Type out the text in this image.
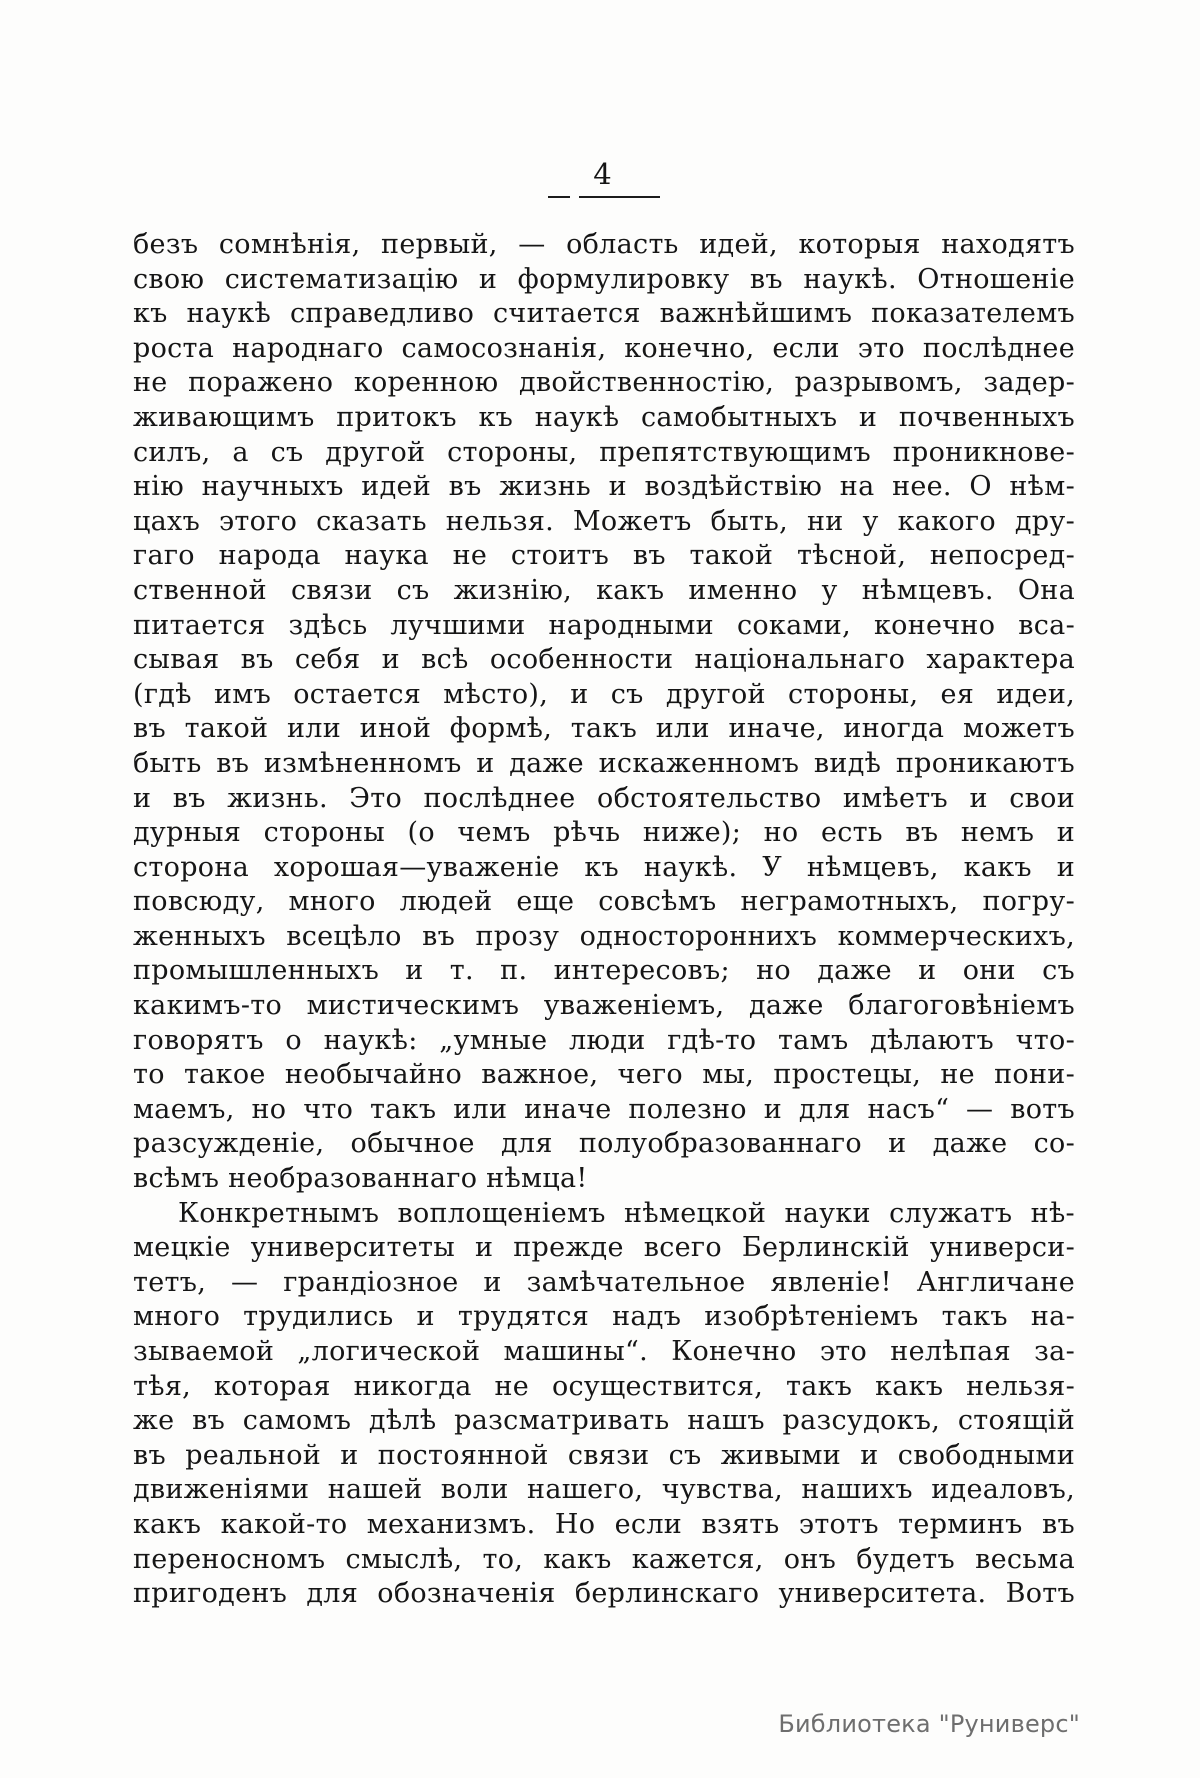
4
безъ сомнѣнія, первый, — область идей, которыя находятъ
свою систематизацію и формулировку въ наукѣ. Отношеніе
къ наукѣ справедливо считается важнѣйшимъ показателемъ
роста народнаго самосознанія, конечно, если это послѣднее
не поражено коренною двойственностію, разрывомъ, задер-
живающимъ притокъ къ наукѣ самобытныхъ и почвенныхъ
силъ, а съ другой стороны, препятствующимъ проникнове-
нію научныхъ идей въ жизнь и воздѣйствію на нее. О нѣм-
цахъ этого сказать нельзя. Можетъ быть, ни у какого дру-
гаго народа наука не стоитъ въ такой тѣсной, непосред-
ственной связи съ жизнію, какъ именно у нѣмцевъ. Она
питается здѣсь лучшими народными соками, конечно вса-
сывая въ себя и всѣ особенности національнаго характера
(гдѣ имъ остается мѣсто), и съ другой стороны, ея идеи,
въ такой или иной формѣ, такъ или иначе, иногда можетъ
быть въ измѣненномъ и даже искаженномъ видѣ проникаютъ
и въ жизнь. Это послѣднее обстоятельство имѣетъ и свои
дурныя стороны (о чемъ рѣчь ниже); но есть въ немъ и
сторона хорошая—уваженіе къ наукѣ. У нѣмцевъ, какъ и
повсюду, много людей еще совсѣмъ неграмотныхъ, погру-
женныхъ всецѣло въ прозу одностороннихъ коммерческихъ,
промышленныхъ и т. п. интересовъ; но даже и они съ
какимъ-то мистическимъ уваженіемъ, даже благоговѣніемъ
говорятъ о наукѣ: „умные люди гдѣ-то тамъ дѣлаютъ что-
то такое необычайно важное, чего мы, простецы, не пони-
маемъ, но что такъ или иначе полезно и для насъ“ — вотъ
разсужденіе, обычное для полуобразованнаго и даже со-
всѣмъ необразованнаго нѣмца!
Конкретнымъ воплощеніемъ нѣмецкой науки служатъ нѣ-
мецкіе университеты и прежде всего Берлинскій универси-
тетъ, — грандіозное и замѣчательное явленіе! Англичане
много трудились и трудятся надъ изобрѣтеніемъ такъ на-
зываемой „логической машины“. Конечно это нелѣпая за-
тѣя, которая никогда не осуществится, такъ какъ нельзя-
же въ самомъ дѣлѣ разсматривать нашъ разсудокъ, стоящій
въ реальной и постоянной связи съ живыми и свободными
движеніями нашей воли нашего, чувства, нашихъ идеаловъ,
какъ какой-то механизмъ. Но если взять этотъ терминъ въ
переносномъ смыслѣ, то, какъ кажется, онъ будетъ весьма
пригоденъ для обозначенія берлинскаго университета. Вотъ
Библиотека "Руниверс"
